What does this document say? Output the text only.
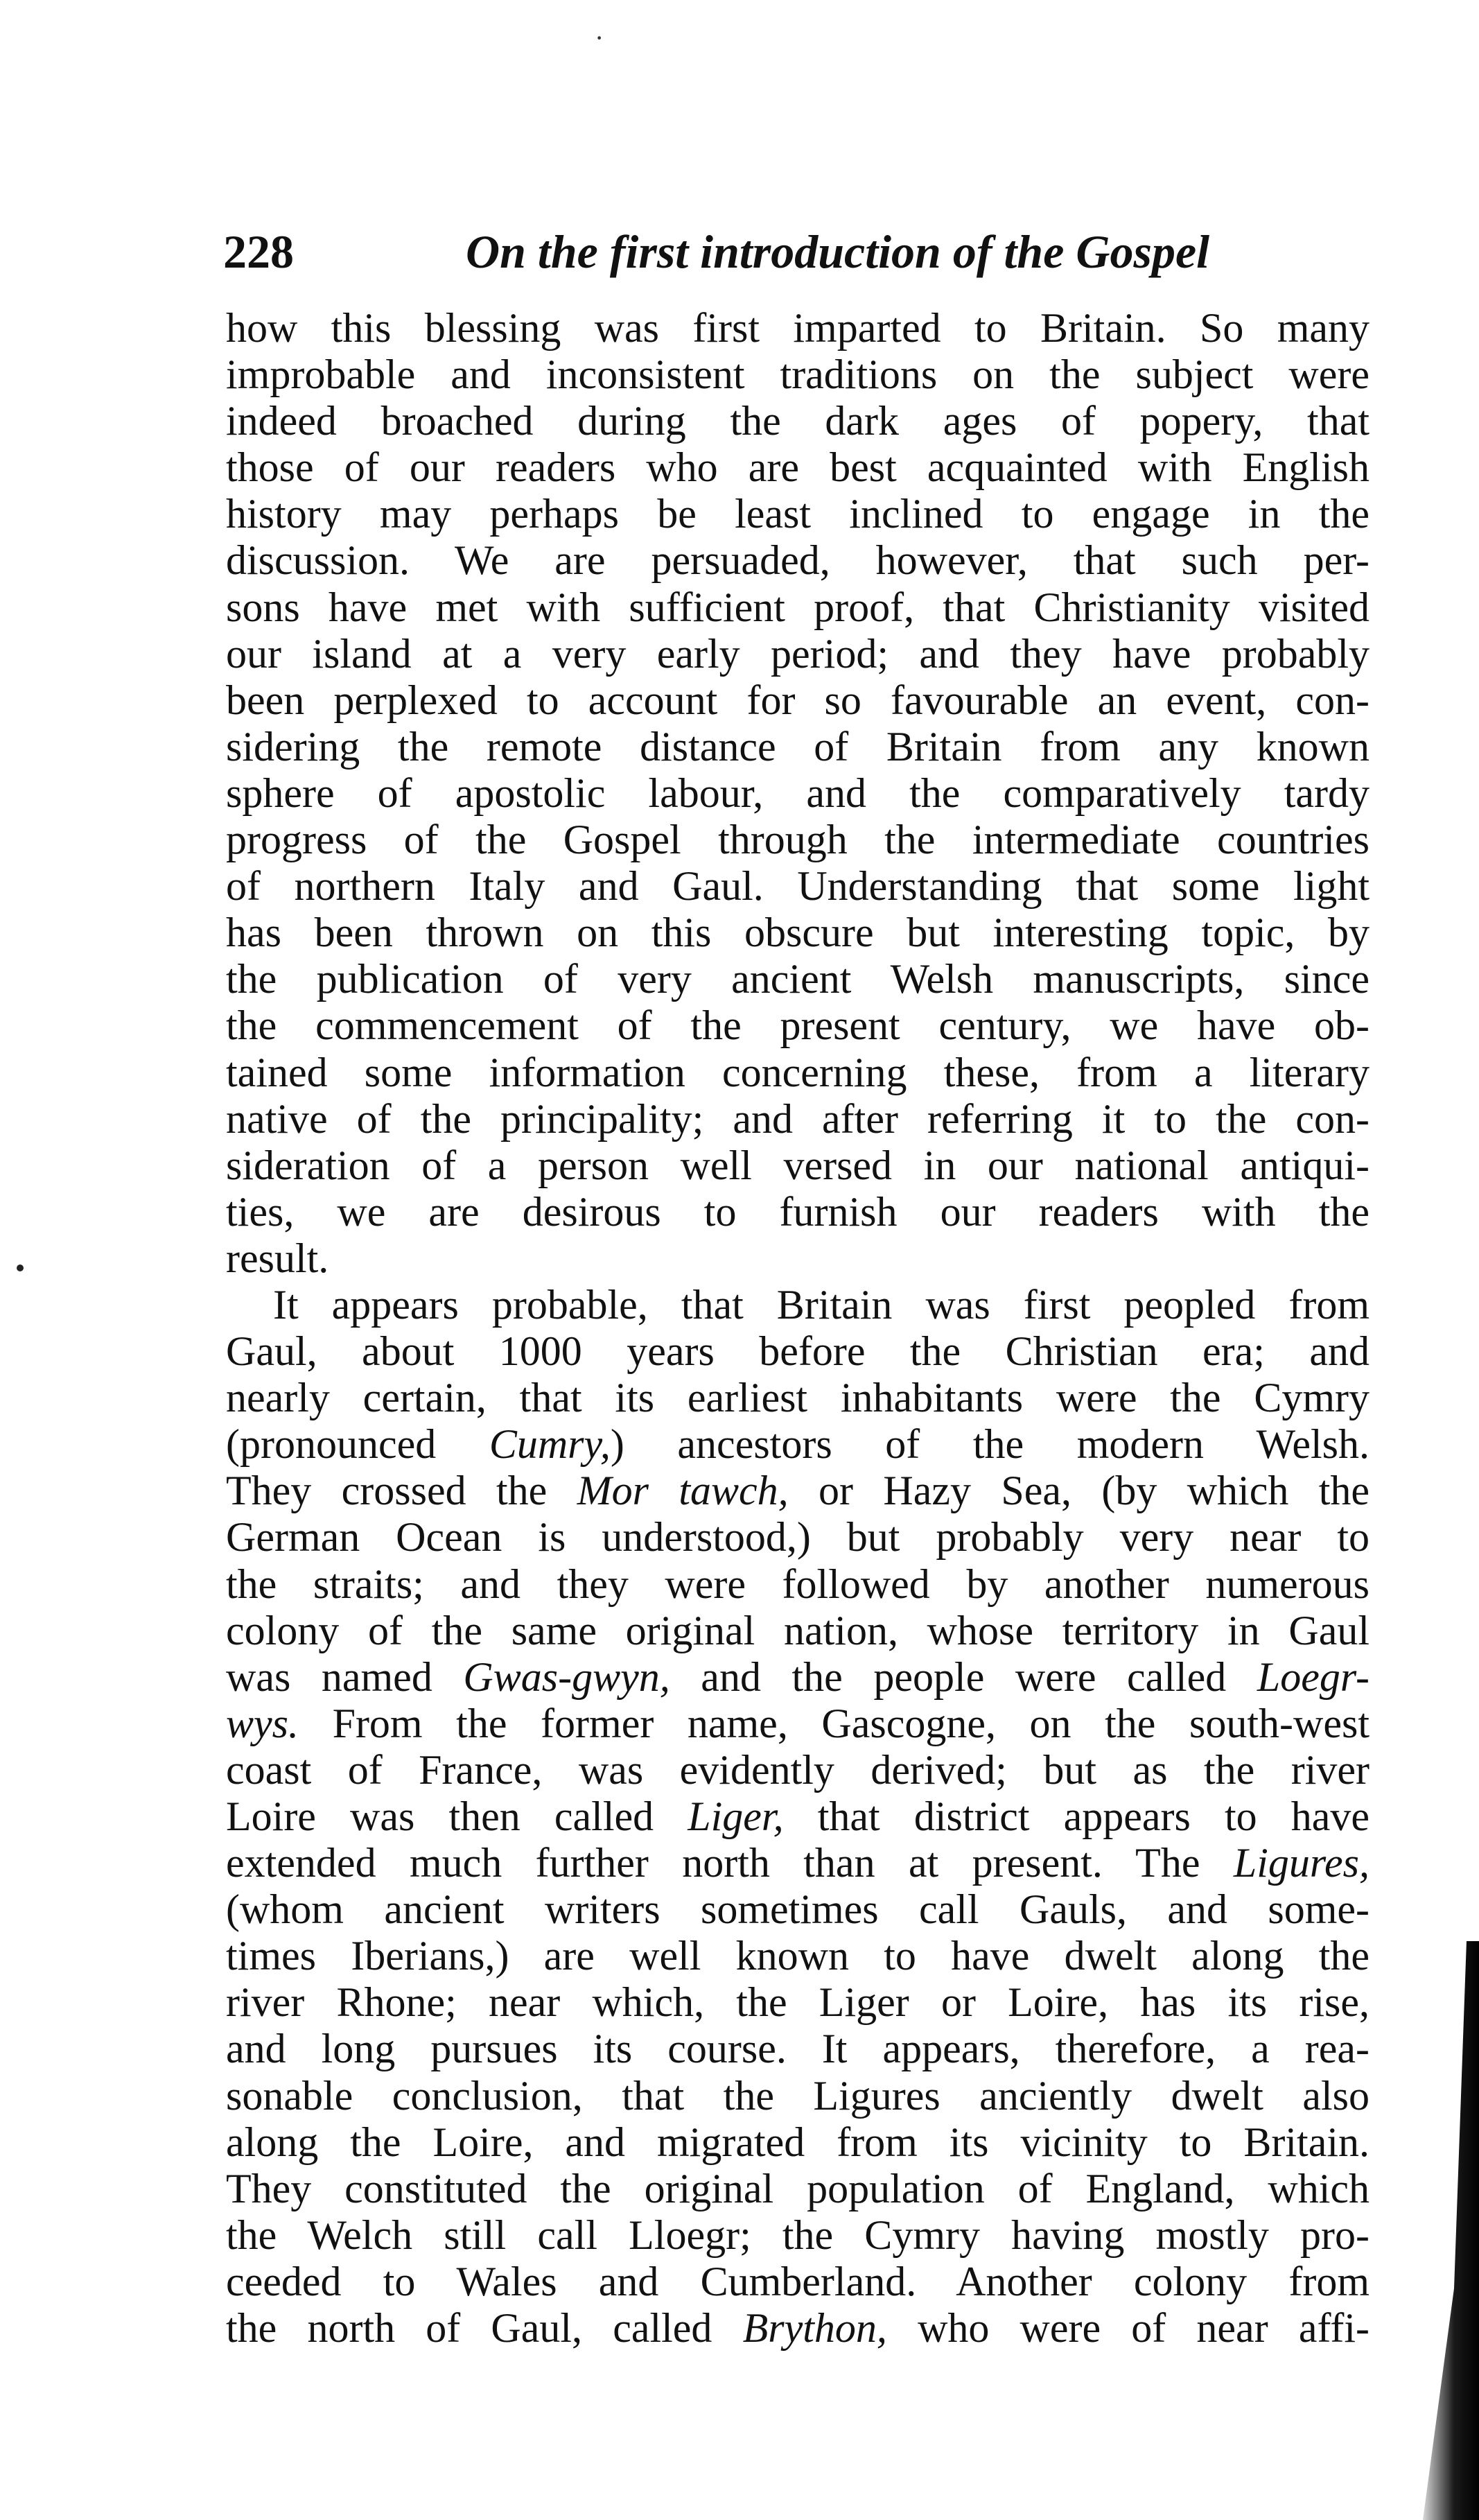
·
228	On the first introduction of the Gospel
how this blessing was first imparted to Britain. So many
improbable and inconsistent traditions on the subject were
indeed broached during the dark ages of popery, that
those of our readers who are best acquainted with English
history may perhaps be least inclined to engage in the
discussion. We are persuaded, however, that such per-
sons have met with sufficient proof, that Christianity visited
our island at a very early period; and they have probably
been perplexed to account for so favourable an event, con-
sidering the remote distance of Britain from any known
sphere of apostolic labour, and the comparatively tardy
progress of the Gospel through the intermediate countries
of northern Italy and Gaul. Understanding that some light
has been thrown on this obscure but interesting topic, by
the publication of very ancient Welsh manuscripts, since
the commencement of the present century, we have ob-
tained some information concerning these, from a literary
native of the principality; and after referring it to the con-
sideration of a person well versed in our national antiqui-
ties, we are desirous to furnish our readers with the
result.
It appears probable, that Britain was first peopled from
Gaul, about 1000 years before the Christian era; and
nearly certain, that its earliest inhabitants were the Cymry
(pronounced Cumry,) ancestors of the modern Welsh.
They crossed the Mor tawch, or Hazy Sea, (by which the
German Ocean is understood,) but probably very near to
the straits; and they were followed by another numerous
colony of the same original nation, whose territory in Gaul
was named Gwas-gwyn, and the people were called Loegr-
wys. From the former name, Gascogne, on the south-west
coast of France, was evidently derived; but as the river
Loire was then called Liger, that district appears to have
extended much further north than at present. The Ligures,
(whom ancient writers sometimes call Gauls, and some-
times Iberians,) are well known to have dwelt along the
river Rhone; near which, the Liger or Loire, has its rise,
and long pursues its course. It appears, therefore, a rea-
sonable conclusion, that the Ligures anciently dwelt also
along the Loire, and migrated from its vicinity to Britain.
They constituted the original population of England, which
the Welch still call Lloegr; the Cymry having mostly pro-
ceeded to Wales and Cumberland. Another colony from
the north of Gaul, called Brython, who were of near affi-
